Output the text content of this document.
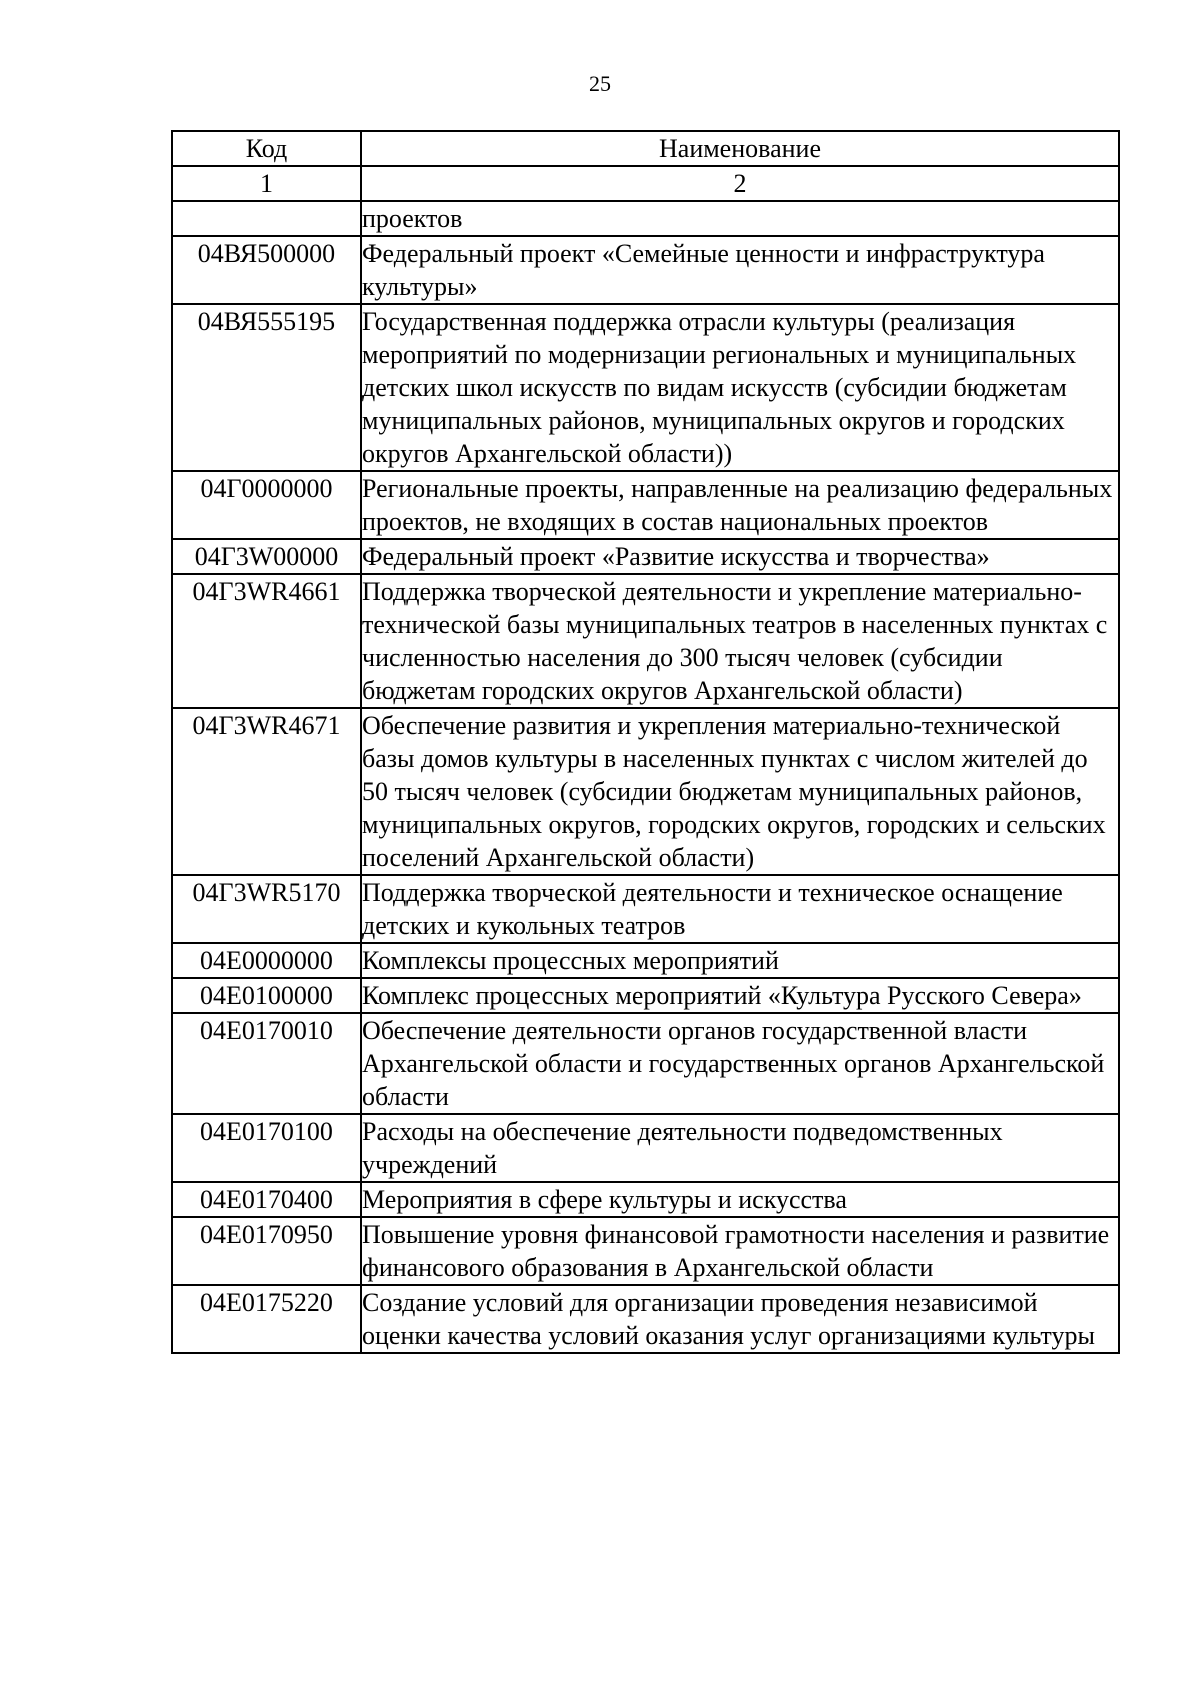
25
Код	Наименование
1	2
	проектов
04ВЯ500000	Федеральный проект «Семейные ценности и инфраструктура культуры»
04ВЯ555195	Государственная поддержка отрасли культуры (реализация мероприятий по модернизации региональных и муниципальных детских школ искусств по видам искусств (субсидии бюджетам муниципальных районов, муниципальных округов и городских округов Архангельской области))
04Г0000000	Региональные проекты, направленные на реализацию федеральных проектов, не входящих в состав национальных проектов
04Г3W00000	Федеральный проект «Развитие искусства и творчества»
04Г3WR4661	Поддержка творческой деятельности и укрепление материально-технической базы муниципальных театров в населенных пунктах с численностью населения до 300 тысяч человек (субсидии бюджетам городских округов Архангельской области)
04Г3WR4671	Обеспечение развития и укрепления материально-технической базы домов культуры в населенных пунктах с числом жителей до 50 тысяч человек (субсидии бюджетам муниципальных районов, муниципальных округов, городских округов, городских и сельских поселений Архангельской области)
04Г3WR5170	Поддержка творческой деятельности и техническое оснащение детских и кукольных театров
04Е0000000	Комплексы процессных мероприятий
04Е0100000	Комплекс процессных мероприятий «Культура Русского Севера»
04Е0170010	Обеспечение деятельности органов государственной власти Архангельской области и государственных органов Архангельской области
04Е0170100	Расходы на обеспечение деятельности подведомственных учреждений
04Е0170400	Мероприятия в сфере культуры и искусства
04Е0170950	Повышение уровня финансовой грамотности населения и развитие финансового образования в Архангельской области
04Е0175220	Создание условий для организации проведения независимой оценки качества условий оказания услуг организациями культуры
